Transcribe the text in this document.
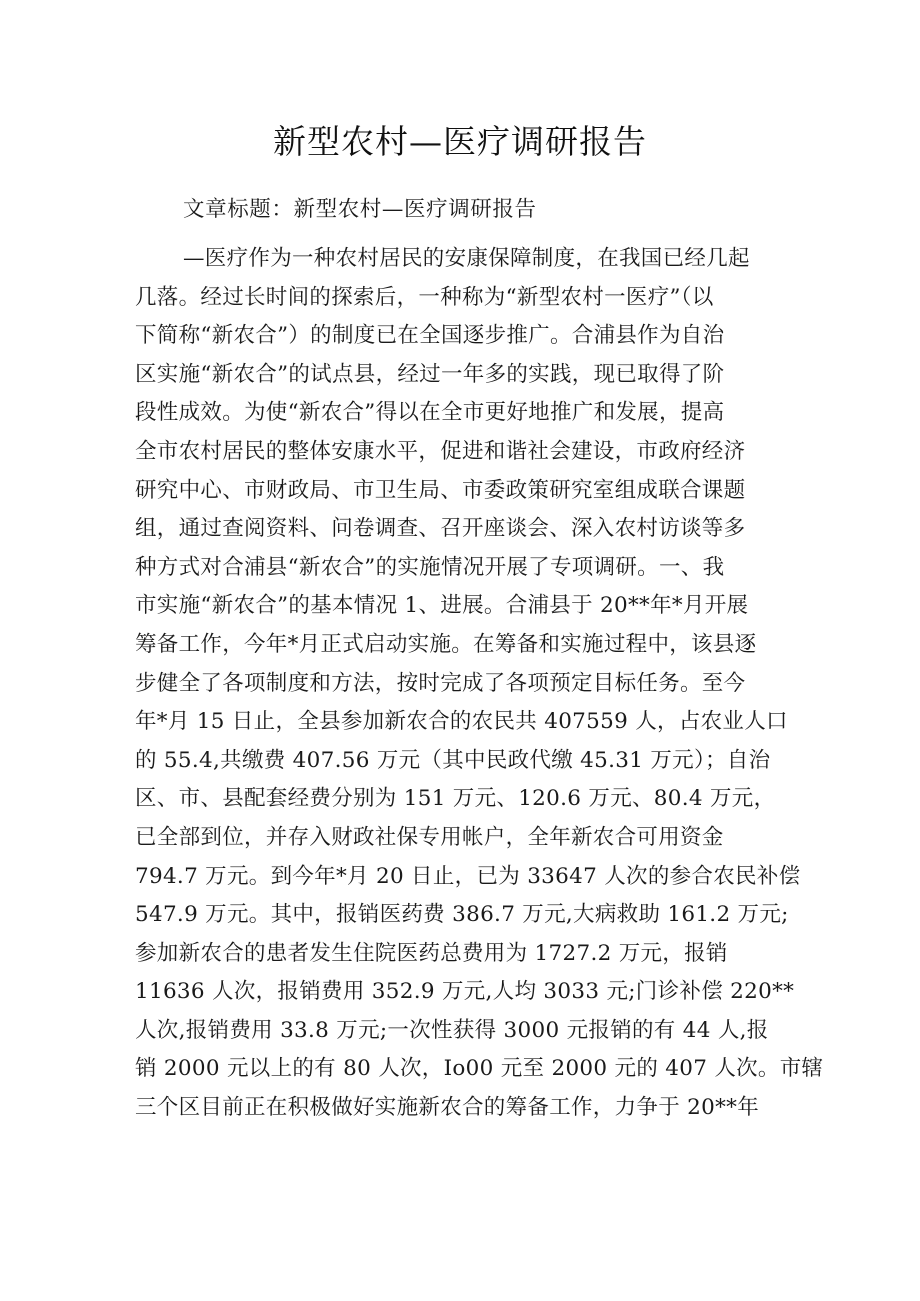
新型农村—医疗调研报告
文章标题：新型农村—医疗调研报告
—医疗作为一种农村居民的安康保障制度，在我国已经几起
几落。经过长时间的探索后，一种称为“新型农村一医疗”（以
下简称“新农合”）的制度已在全国逐步推广。合浦县作为自治
区实施“新农合”的试点县，经过一年多的实践，现已取得了阶
段性成效。为使“新农合”得以在全市更好地推广和发展，提高
全市农村居民的整体安康水平，促进和谐社会建设，市政府经济
研究中心、市财政局、市卫生局、市委政策研究室组成联合课题
组，通过查阅资料、问卷调查、召开座谈会、深入农村访谈等多
种方式对合浦县“新农合”的实施情况开展了专项调研。一、我
市实施“新农合”的基本情况 1、进展。合浦县于 20**年*月开展
筹备工作，今年*月正式启动实施。在筹备和实施过程中，该县逐
步健全了各项制度和方法，按时完成了各项预定目标任务。至今
年*月 15 日止，全县参加新农合的农民共 407559 人，占农业人口
的 55.4,共缴费 407.56 万元（其中民政代缴 45.31 万元）；自治
区、市、县配套经费分别为 151 万元、120.6 万元、80.4 万元，
已全部到位，并存入财政社保专用帐户，全年新农合可用资金
794.7 万元。到今年*月 20 日止，已为 33647 人次的参合农民补偿
547.9 万元。其中，报销医药费 386.7 万元,大病救助 161.2 万元;
参加新农合的患者发生住院医药总费用为 1727.2 万元，报销
11636 人次，报销费用 352.9 万元,人均 3033 元;门诊补偿 220**
人次,报销费用 33.8 万元;一次性获得 3000 元报销的有 44 人,报
销 2000 元以上的有 80 人次，Io00 元至 2000 元的 407 人次。市辖
三个区目前正在积极做好实施新农合的筹备工作，力争于 20**年
